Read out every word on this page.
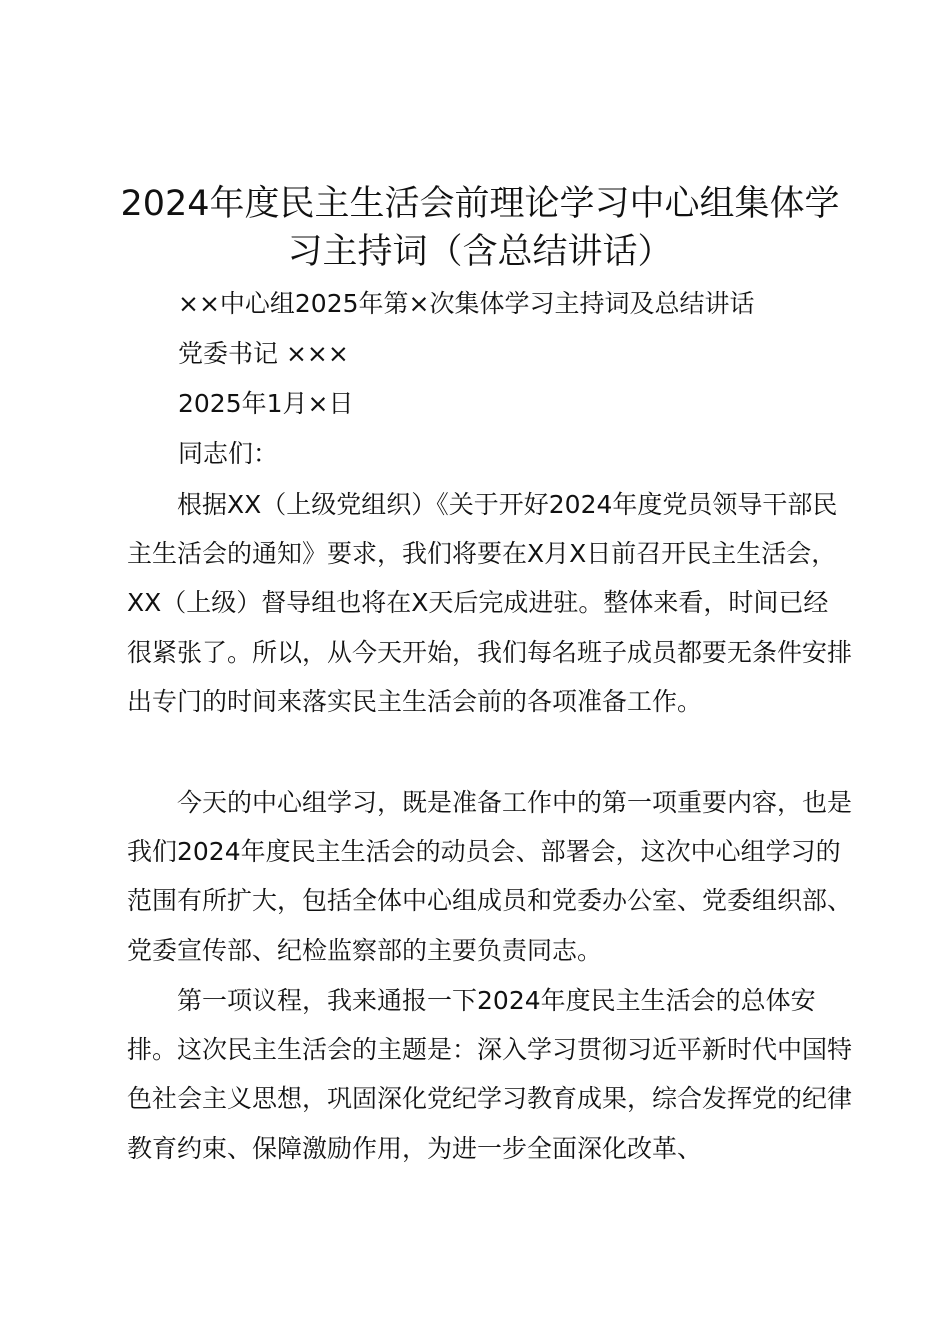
2024年度民主生活会前理论学习中心组集体学习主持词（含总结讲话）

××中心组2025年第×次集体学习主持词及总结讲话

党委书记 ×××

2025年1月×日

同志们：

根据XX（上级党组织）《关于开好2024年度党员领导干部民主生活会的通知》要求，我们将要在X月X日前召开民主生活会，XX（上级）督导组也将在X天后完成进驻。整体来看，时间已经很紧张了。所以，从今天开始，我们每名班子成员都要无条件安排出专门的时间来落实民主生活会前的各项准备工作。

今天的中心组学习，既是准备工作中的第一项重要内容，也是我们2024年度民主生活会的动员会、部署会，这次中心组学习的范围有所扩大，包括全体中心组成员和党委办公室、党委组织部、党委宣传部、纪检监察部的主要负责同志。

第一项议程，我来通报一下2024年度民主生活会的总体安排。这次民主生活会的主题是：深入学习贯彻习近平新时代中国特色社会主义思想，巩固深化党纪学习教育成果，综合发挥党的纪律教育约束、保障激励作用，为进一步全面深化改革、
